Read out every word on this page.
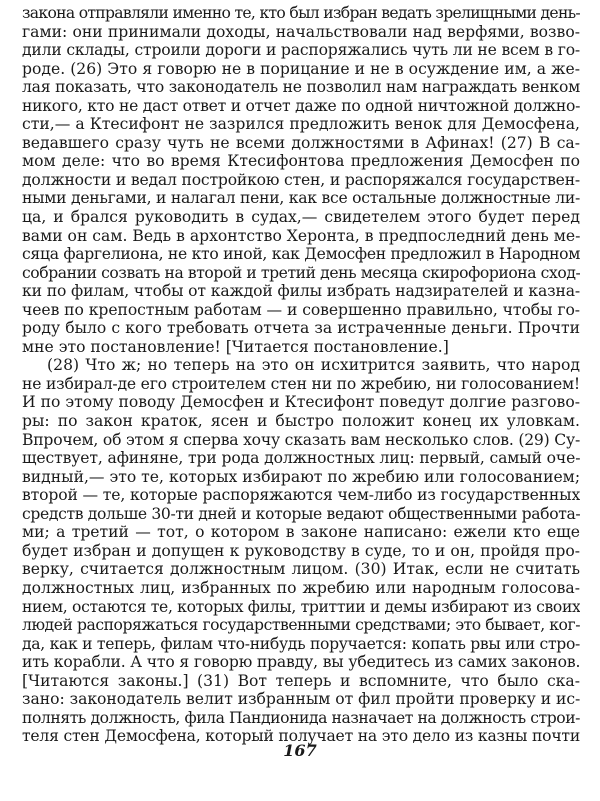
закона отправляли именно те, кто был избран ведать зрелищными день-
гами: они принимали доходы, начальствовали над верфями, возво-
дили склады, строили дороги и распоряжались чуть ли не всем в го-
роде. (26) Это я говорю не в порицание и не в осуждение им, а же-
лая показать, что законодатель не позволил нам награждать венком
никого, кто не даст ответ и отчет даже по одной ничтожной должно-
сти,— а Ктесифонт не зазрился предложить венок для Демосфена,
ведавшего сразу чуть не всеми должностями в Афинах! (27) В са-
мом деле: что во время Ктесифонтова предложения Демосфен по
должности и ведал постройкою стен, и распоряжался государствен-
ными деньгами, и налагал пени, как все остальные должностные ли-
ца, и брался руководить в судах,— свидетелем этого будет перед
вами он сам. Ведь в архонтство Херонта, в предпоследний день ме-
сяца фаргелиона, не кто иной, как Демосфен предложил в Народном
собрании созвать на второй и третий день месяца скирофориона сход-
ки по филам, чтобы от каждой филы избрать надзирателей и казна-
чеев по крепостным работам — и совершенно правильно, чтобы го-
роду было с кого требовать отчета за истраченные деньги. Прочти
мне это постановление! [Читается постановление.]
(28) Что ж; но теперь на это он исхитрится заявить, что народ
не избирал-де его строителем стен ни по жребию, ни голосованием!
И по этому поводу Демосфен и Ктесифонт поведут долгие разгово-
ры: по закон краток, ясен и быстро положит конец их уловкам.
Впрочем, об этом я сперва хочу сказать вам несколько слов. (29) Су-
ществует, афиняне, три рода должностных лиц: первый, самый оче-
видный,— это те, которых избирают по жребию или голосованием;
второй — те, которые распоряжаются чем-либо из государственных
средств дольше 30-ти дней и которые ведают общественными работа-
ми; а третий — тот, о котором в законе написано: ежели кто еще
будет избран и допущен к руководству в суде, то и он, пройдя про-
верку, считается должностным лицом. (30) Итак, если не считать
должностных лиц, избранных по жребию или народным голосова-
нием, остаются те, которых филы, триттии и демы избирают из своих
людей распоряжаться государственными средствами; это бывает, ког-
да, как и теперь, филам что-нибудь поручается: копать рвы или стро-
ить корабли. А что я говорю правду, вы убедитесь из самих законов.
[Читаются законы.] (31) Вот теперь и вспомните, что было ска-
зано: законодатель велит избранным от фил пройти проверку и ис-
полнять должность, фила Пандионида назначает на должность строи-
теля стен Демосфена, который получает на это дело из казны почти
167
